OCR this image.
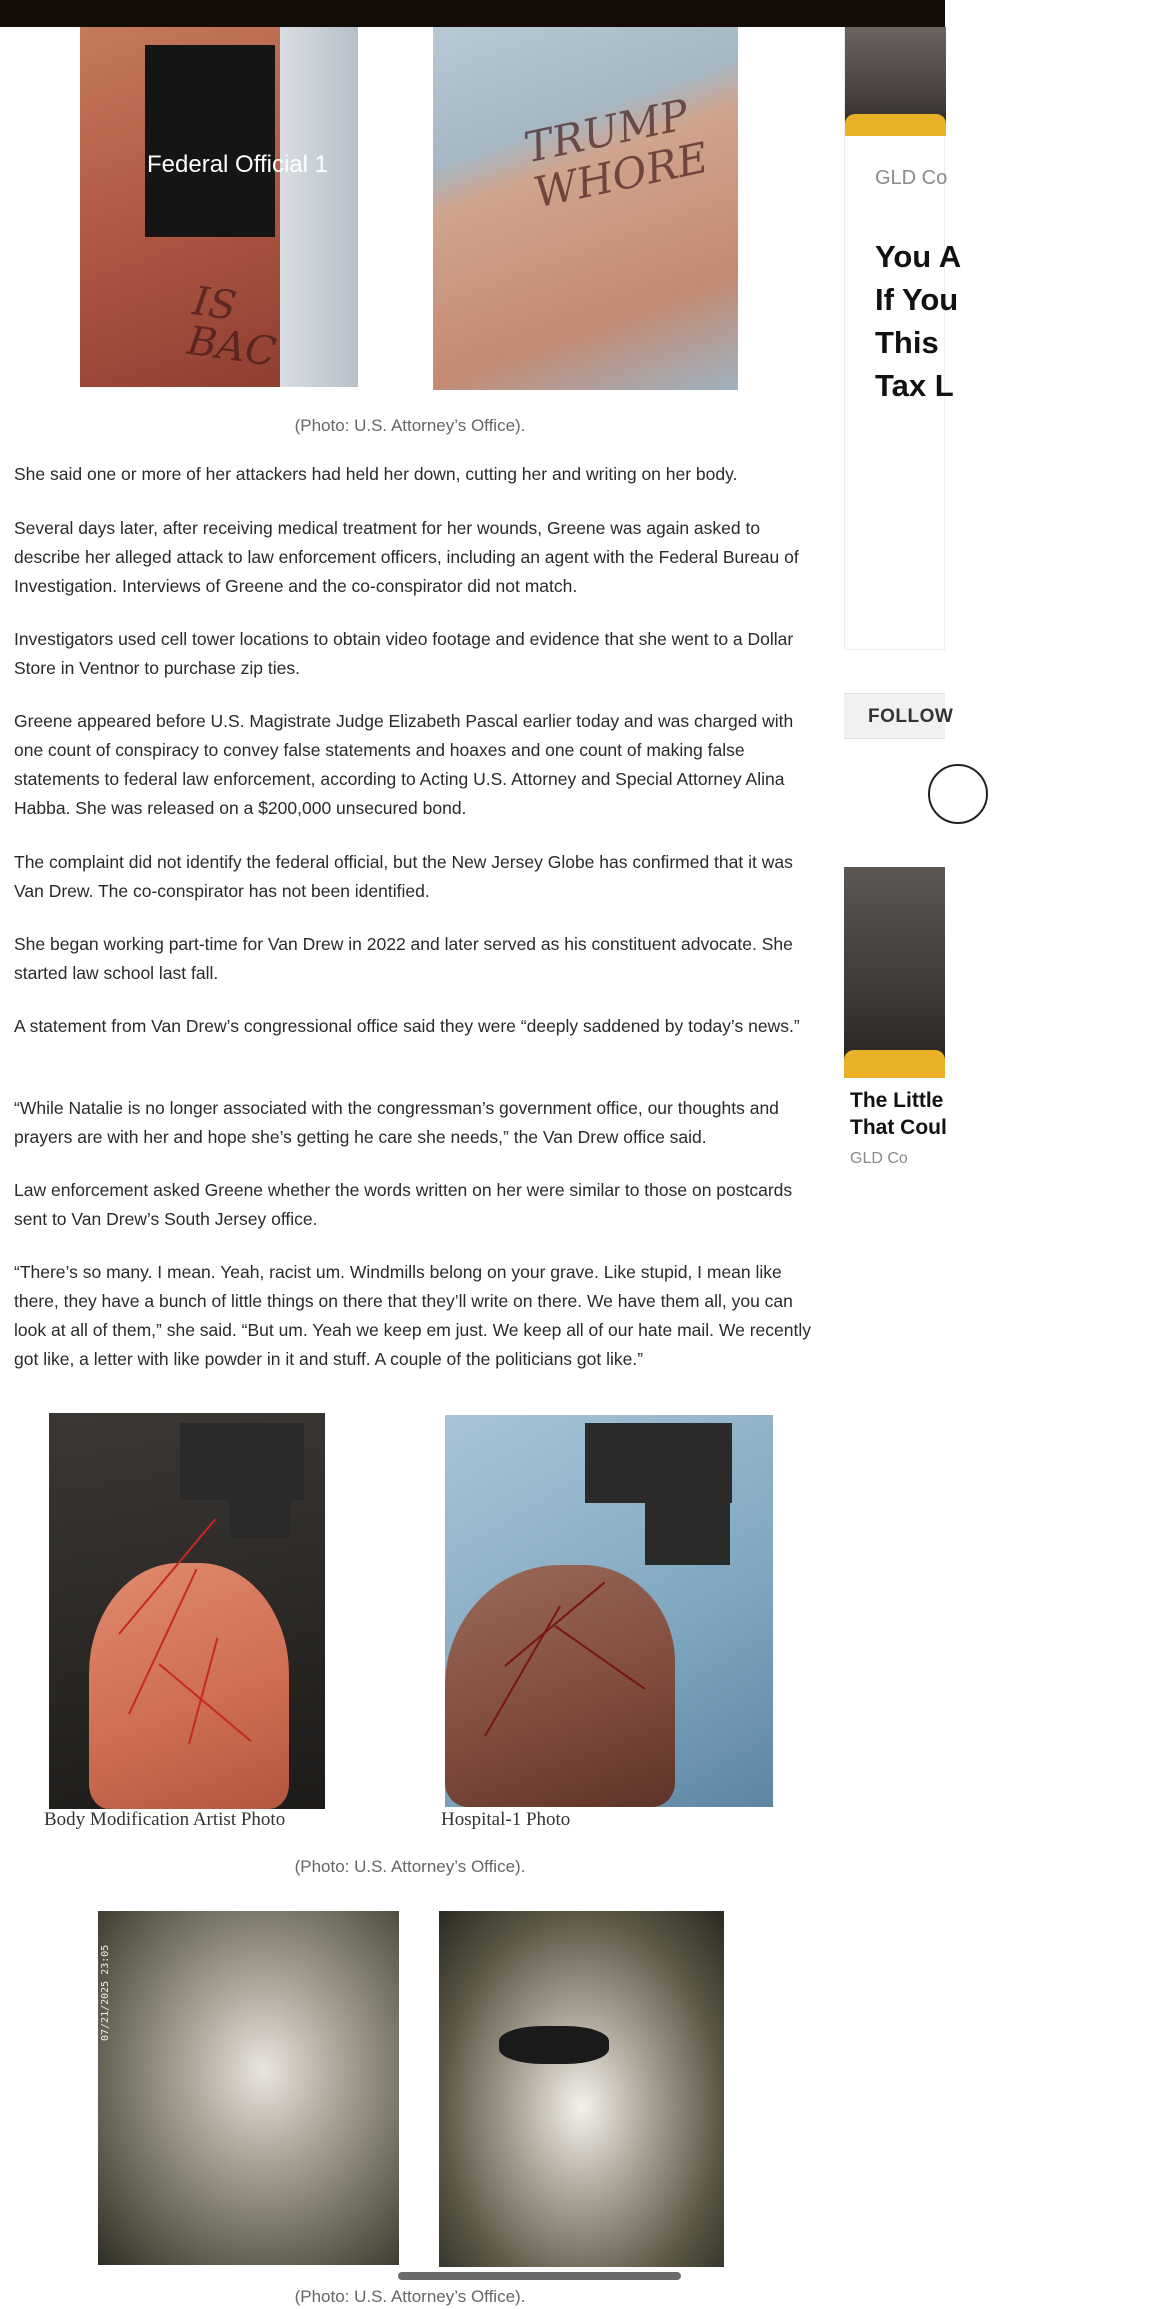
IS
BAC
Federal Official 1	TRUMP
WHORE
(Photo: U.S. Attorney’s Office).

She said one or more of her attackers had held her down, cutting her and writing on her body.

Several days later, after receiving medical treatment for her wounds, Greene was again asked to describe her alleged attack to law enforcement officers, including an agent with the Federal Bureau of Investigation. Interviews of Greene and the co-conspirator did not match.

Investigators used cell tower locations to obtain video footage and evidence that she went to a Dollar Store in Ventnor to purchase zip ties.

Greene appeared before U.S. Magistrate Judge Elizabeth Pascal earlier today and was charged with one count of conspiracy to convey false statements and hoaxes and one count of making false statements to federal law enforcement, according to Acting U.S. Attorney and Special Attorney Alina Habba. She was released on a $200,000 unsecured bond.

The complaint did not identify the federal official, but the New Jersey Globe has confirmed that it was Van Drew. The co-conspirator has not been identified.

She began working part-time for Van Drew in 2022 and later served as his constituent advocate. She started law school last fall.

A statement from Van Drew’s congressional office said they were “deeply saddened by today’s news.”

“While Natalie is no longer associated with the congressman’s government office, our thoughts and prayers are with her and hope she’s getting he care she needs,” the Van Drew office said.

Law enforcement asked Greene whether the words written on her were similar to those on postcards sent to Van Drew’s South Jersey office.

“There’s so many. I mean. Yeah, racist um. Windmills belong on your grave. Like stupid, I mean like there, they have a bunch of little things on there that they’ll write on there. We have them all, you can look at all of them,” she said. “But um. Yeah we keep em just. We keep all of our hate mail. We recently got like, a letter with like powder in it and stuff. A couple of the politicians got like.”

Body Modification Artist Photo	Hospital-1 Photo
(Photo: U.S. Attorney’s Office).
07/21/2025 23:05
(Photo: U.S. Attorney’s Office).
GLD Co
You A
If You
This
Tax L
FOLLOW
The Little
That Coul
GLD Co
